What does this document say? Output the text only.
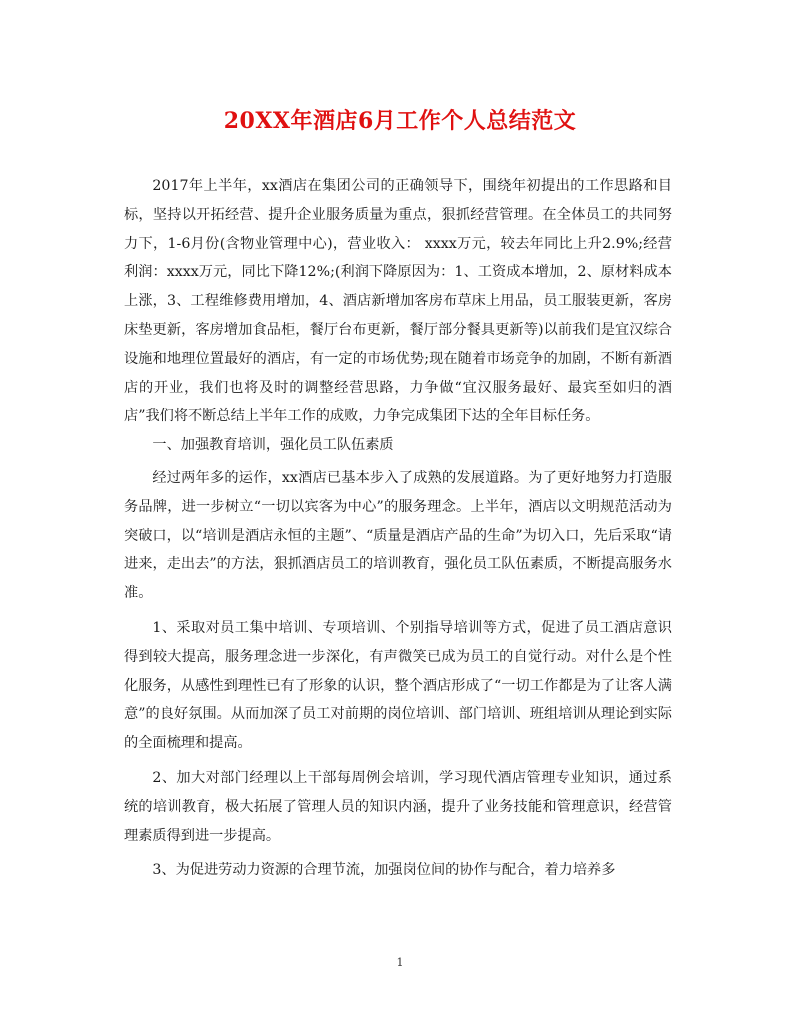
20XX年酒店6月工作个人总结范文

2017年上半年，xx酒店在集团公司的正确领导下，围绕年初提出的工作思路和目标，坚持以开拓经营、提升企业服务质量为重点，狠抓经营管理。在全体员工的共同努力下，1-6月份(含物业管理中心)，营业收入： xxxx万元，较去年同比上升2.9%;经营利润：xxxx万元，同比下降12%;(利润下降原因为：1、工资成本增加，2、原材料成本上涨，3、工程维修费用增加，4、酒店新增加客房布草床上用品，员工服装更新，客房床垫更新，客房增加食品柜，餐厅台布更新，餐厅部分餐具更新等)以前我们是宜汉综合设施和地理位置最好的酒店，有一定的市场优势;现在随着市场竞争的加剧，不断有新酒店的开业，我们也将及时的调整经营思路，力争做“宜汉服务最好、最宾至如归的酒店”我们将不断总结上半年工作的成败，力争完成集团下达的全年目标任务。

一、加强教育培训，强化员工队伍素质

经过两年多的运作，xx酒店已基本步入了成熟的发展道路。为了更好地努力打造服务品牌，进一步树立“一切以宾客为中心”的服务理念。上半年，酒店以文明规范活动为突破口，以“培训是酒店永恒的主题”、“质量是酒店产品的生命”为切入口，先后采取“请进来，走出去”的方法，狠抓酒店员工的培训教育，强化员工队伍素质，不断提高服务水准。

1、采取对员工集中培训、专项培训、个别指导培训等方式，促进了员工酒店意识得到较大提高，服务理念进一步深化，有声微笑已成为员工的自觉行动。对什么是个性化服务，从感性到理性已有了形象的认识，整个酒店形成了“一切工作都是为了让客人满意”的良好氛围。从而加深了员工对前期的岗位培训、部门培训、班组培训从理论到实际的全面梳理和提高。

2、加大对部门经理以上干部每周例会培训，学习现代酒店管理专业知识，通过系统的培训教育，极大拓展了管理人员的知识内涵，提升了业务技能和管理意识，经营管理素质得到进一步提高。

3、为促进劳动力资源的合理节流，加强岗位间的协作与配合，着力培养多

1
